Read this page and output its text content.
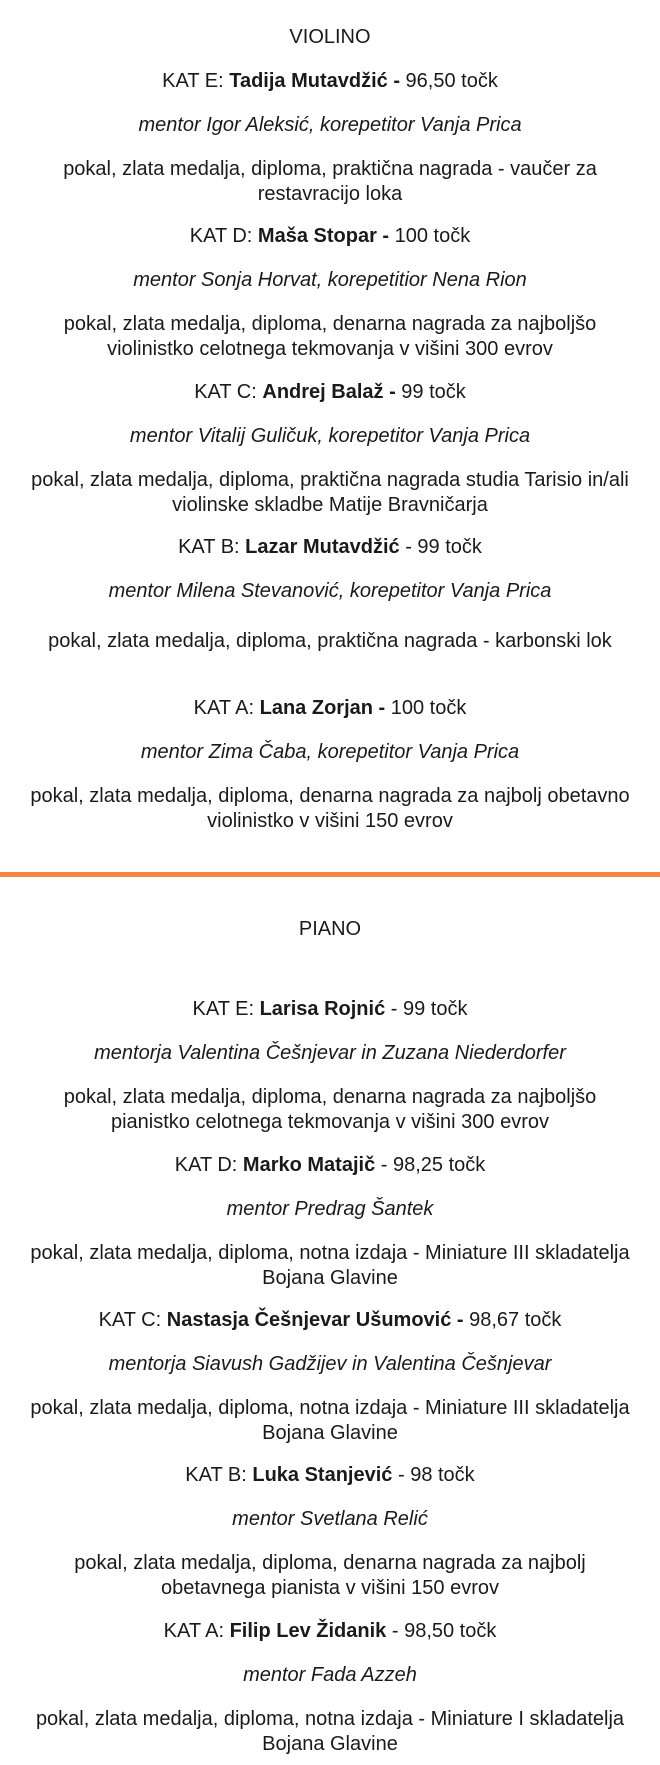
VIOLINO
KAT E: Tadija Mutavdžić - 96,50 točk
mentor Igor Aleksić, korepetitor Vanja Prica
pokal, zlata medalja, diploma, praktična nagrada - vaučer za restavracijo loka
KAT D: Maša Stopar - 100 točk
mentor Sonja Horvat, korepetitior Nena Rion
pokal, zlata medalja, diploma, denarna nagrada za najboljšo violinistko celotnega tekmovanja v višini 300 evrov
KAT C: Andrej Balaž - 99 točk
mentor Vitalij Guličuk, korepetitor Vanja Prica
pokal, zlata medalja, diploma, praktična nagrada studia Tarisio in/ali violinske skladbe Matije Bravničarja
KAT B: Lazar Mutavdžić - 99 točk
mentor Milena Stevanović, korepetitor Vanja Prica
pokal, zlata medalja, diploma, praktična nagrada - karbonski lok
KAT A: Lana Zorjan - 100 točk
mentor Zima Čaba, korepetitor Vanja Prica
pokal, zlata medalja, diploma, denarna nagrada za najbolj obetavno violinistko v višini 150 evrov
PIANO
KAT E: Larisa Rojnić - 99 točk
mentorja Valentina Češnjevar in Zuzana Niederdorfer
pokal, zlata medalja, diploma, denarna nagrada za najboljšo pianistko celotnega tekmovanja v višini 300 evrov
KAT D: Marko Matajič - 98,25 točk
mentor Predrag Šantek
pokal, zlata medalja, diploma, notna izdaja - Miniature III skladatelja Bojana Glavine
KAT C: Nastasja Češnjevar Ušumović - 98,67 točk
mentorja Siavush Gadžijev in Valentina Češnjevar
pokal, zlata medalja, diploma, notna izdaja - Miniature III skladatelja Bojana Glavine
KAT B: Luka Stanjević - 98 točk
mentor Svetlana Relić
pokal, zlata medalja, diploma, denarna nagrada za najbolj obetavnega pianista v višini 150 evrov
KAT A: Filip Lev Židanik - 98,50 točk
mentor Fada Azzeh
pokal, zlata medalja, diploma, notna izdaja - Miniature I skladatelja Bojana Glavine
